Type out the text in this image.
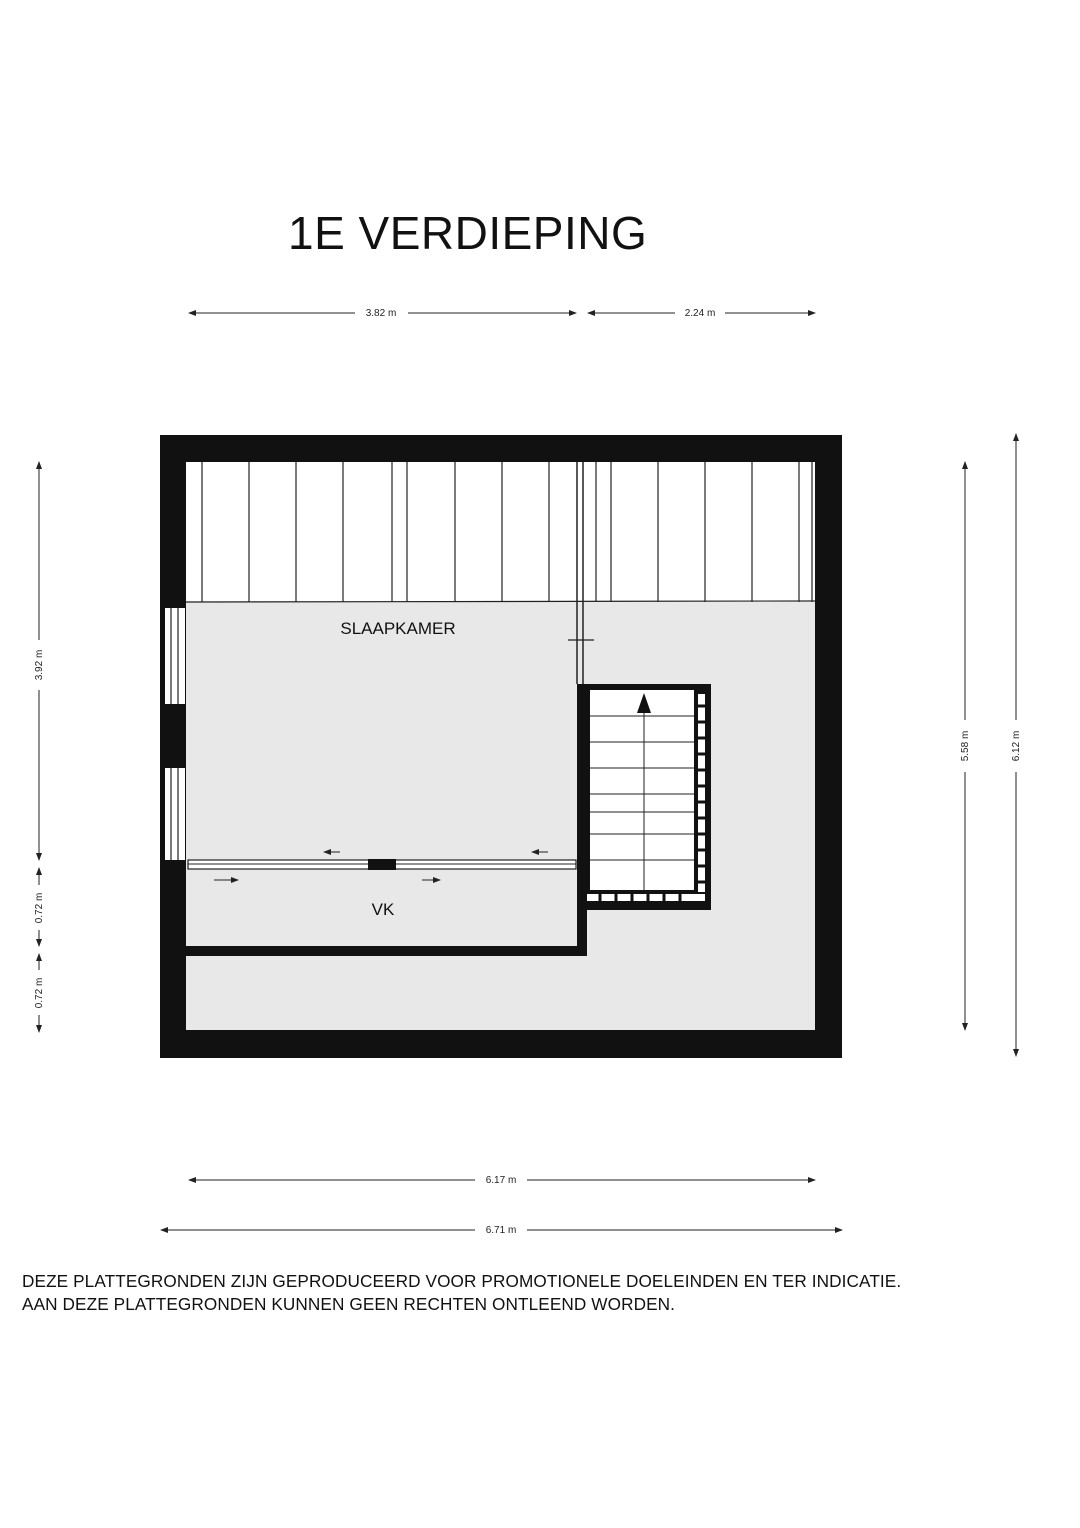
1E VERDIEPING
3.82 m	2.24 m
3.92 m
0.72 m
0.72 m
5.58 m	6.12 m
6.17 m
6.71 m
SLAAPKAMER
VK
DEZE PLATTEGRONDEN ZIJN GEPRODUCEERD VOOR PROMOTIONELE DOELEINDEN EN TER INDICATIE.
AAN DEZE PLATTEGRONDEN KUNNEN GEEN RECHTEN ONTLEEND WORDEN.
